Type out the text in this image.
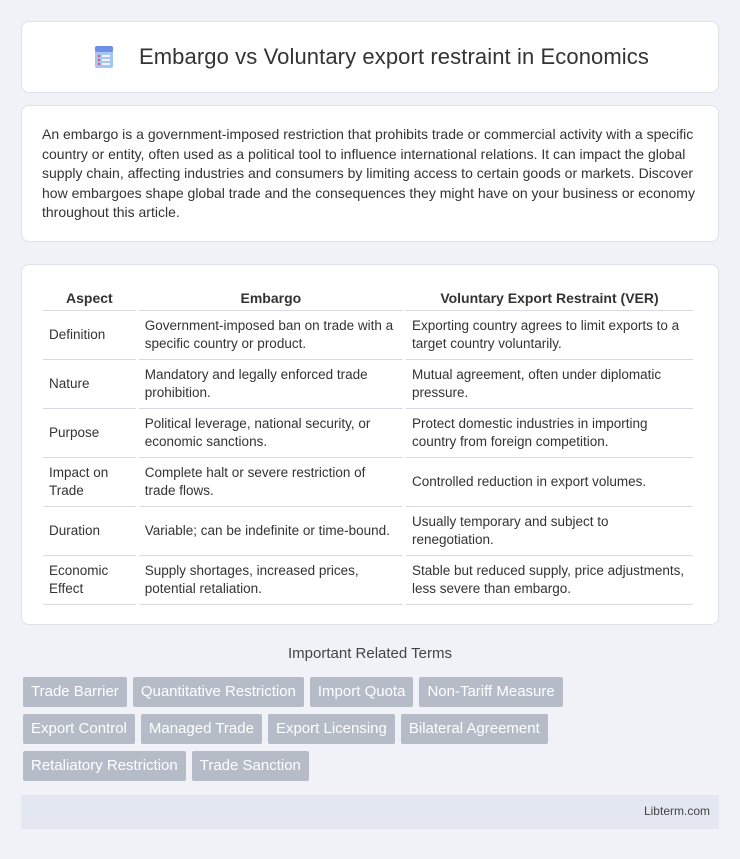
Embargo vs Voluntary export restraint in Economics

An embargo is a government-imposed restriction that prohibits trade or commercial activity with a specific country or entity, often used as a political tool to influence international relations. It can impact the global supply chain, affecting industries and consumers by limiting access to certain goods or markets. Discover how embargoes shape global trade and the consequences they might have on your business or economy throughout this article.

Aspect	Embargo	Voluntary Export Restraint (VER)
Definition	Government-imposed ban on trade with a specific country or product.	Exporting country agrees to limit exports to a target country voluntarily.
Nature	Mandatory and legally enforced trade prohibition.	Mutual agreement, often under diplomatic pressure.
Purpose	Political leverage, national security, or economic sanctions.	Protect domestic industries in importing country from foreign competition.
Impact on Trade	Complete halt or severe restriction of trade flows.	Controlled reduction in export volumes.
Duration	Variable; can be indefinite or time-bound.	Usually temporary and subject to renegotiation.
Economic Effect	Supply shortages, increased prices, potential retaliation.	Stable but reduced supply, price adjustments, less severe than embargo.
Important Related Terms
Trade Barrier	Quantitative Restriction	Import Quota	Non-Tariff Measure
Export Control	Managed Trade	Export Licensing	Bilateral Agreement
Retaliatory Restriction	Trade Sanction
Libterm.com
